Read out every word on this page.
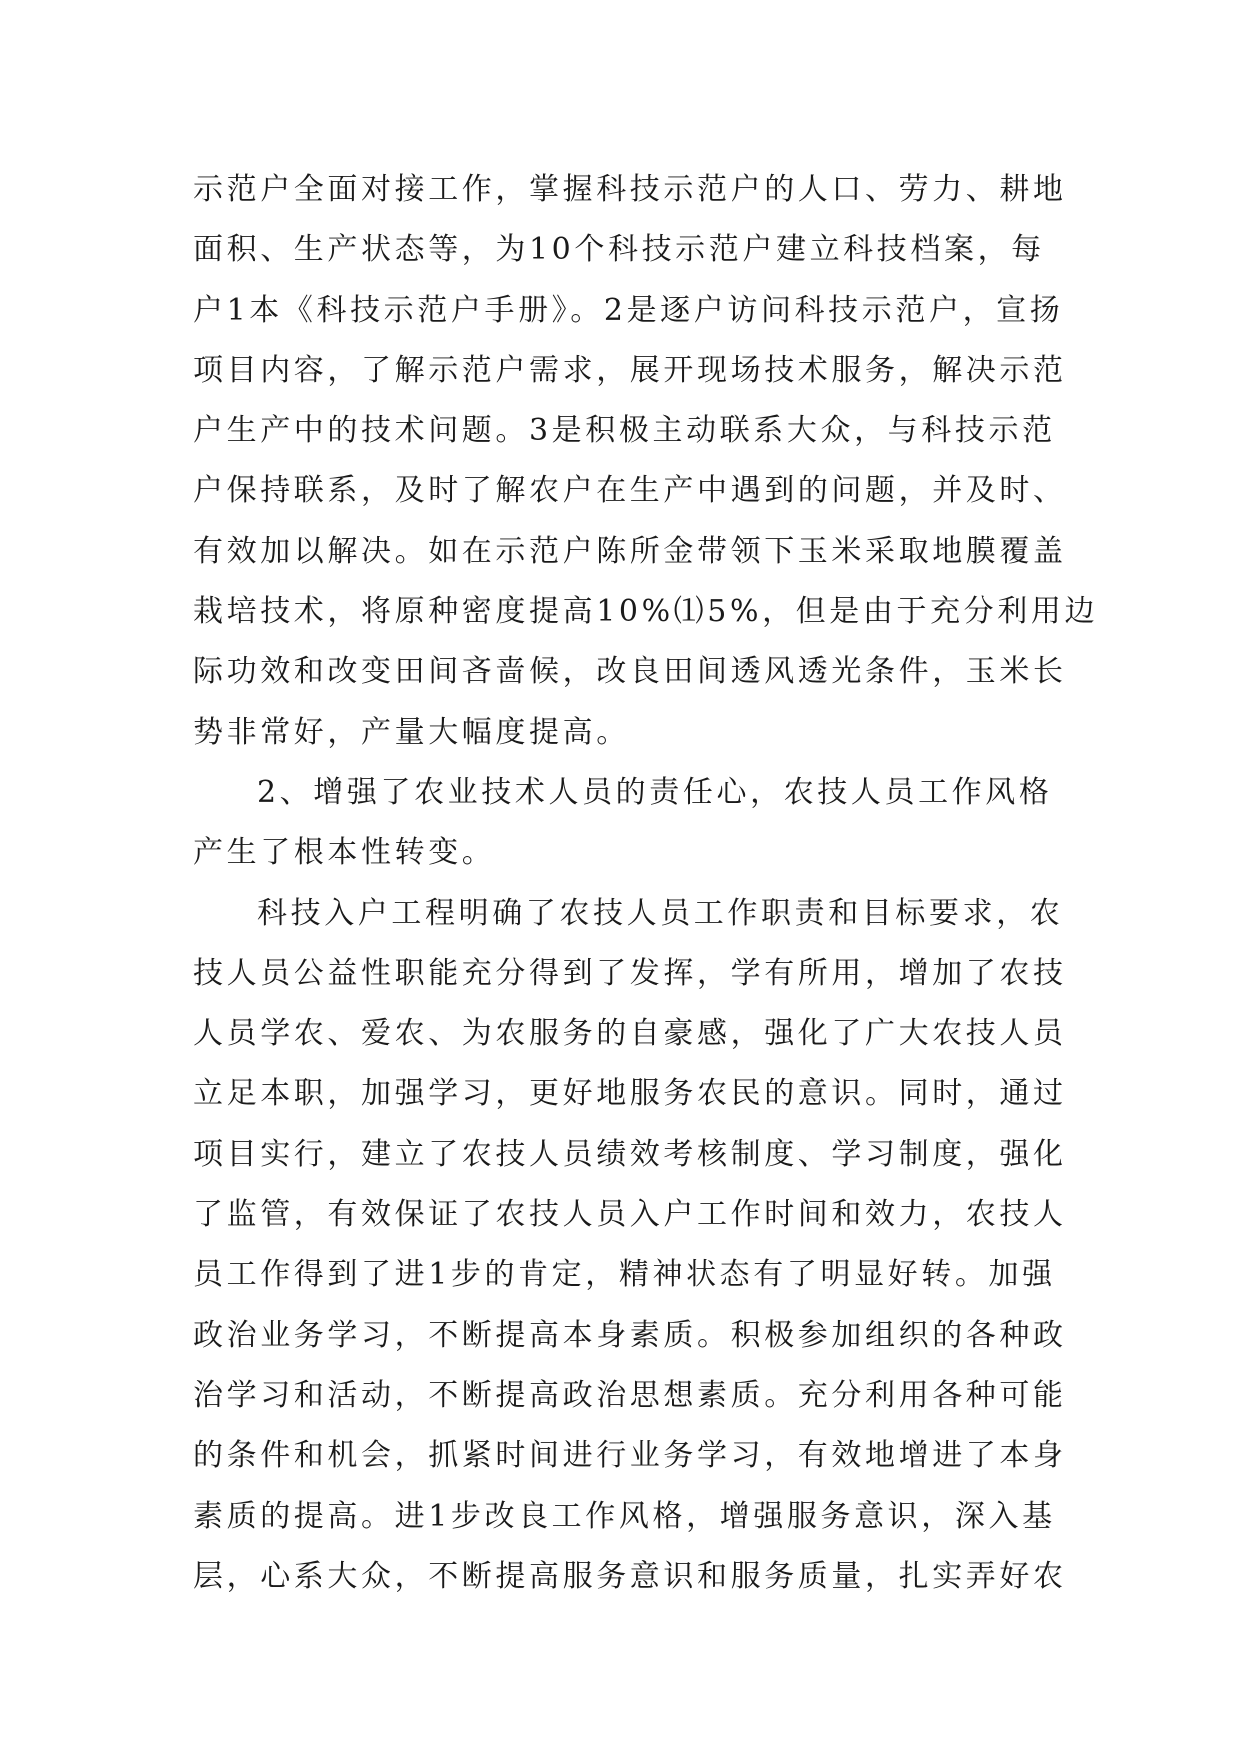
示范户全面对接工作，掌握科技示范户的人口、劳力、耕地
面积、生产状态等，为10个科技示范户建立科技档案，每
户1本《科技示范户手册》。2是逐户访问科技示范户，宣扬
项目内容，了解示范户需求，展开现场技术服务，解决示范
户生产中的技术问题。3是积极主动联系大众，与科技示范
户保持联系，及时了解农户在生产中遇到的问题，并及时、
有效加以解决。如在示范户陈所金带领下玉米采取地膜覆盖
栽培技术，将原种密度提高10%⑴5%，但是由于充分利用边
际功效和改变田间吝啬候，改良田间透风透光条件，玉米长
势非常好，产量大幅度提高。
2、增强了农业技术人员的责任心，农技人员工作风格
产生了根本性转变。
科技入户工程明确了农技人员工作职责和目标要求，农
技人员公益性职能充分得到了发挥，学有所用，增加了农技
人员学农、爱农、为农服务的自豪感，强化了广大农技人员
立足本职，加强学习，更好地服务农民的意识。同时，通过
项目实行，建立了农技人员绩效考核制度、学习制度，强化
了监管，有效保证了农技人员入户工作时间和效力，农技人
员工作得到了进1步的肯定，精神状态有了明显好转。加强
政治业务学习，不断提高本身素质。积极参加组织的各种政
治学习和活动，不断提高政治思想素质。充分利用各种可能
的条件和机会，抓紧时间进行业务学习，有效地增进了本身
素质的提高。进1步改良工作风格，增强服务意识，深入基
层，心系大众，不断提高服务意识和服务质量，扎实弄好农
